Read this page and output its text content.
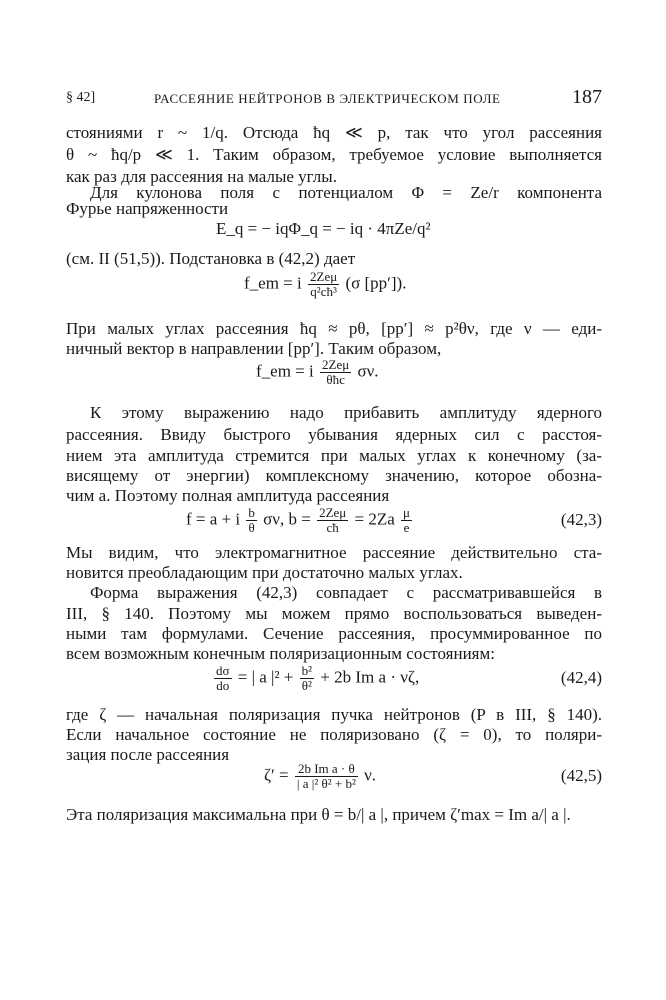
§ 42]	РАССЕЯНИЕ НЕЙТРОНОВ В ЭЛЕКТРИЧЕСКОМ ПОЛЕ	187
стояниями r ~ 1/q. Отсюда ħq ≪ p, так что угол рассеяния
θ ~ ħq/p ≪ 1. Таким образом, требуемое условие выполняется
как раз для рассеяния на малые углы.
Для кулонова поля с потенциалом Φ = Ze/r компонента
Фурье напряженности
E_q = − iqΦ_q = − iq · 4πZe/q²
(см. II (51,5)). Подстановка в (42,2) дает
f_em = i $\frac{\text{2Zeμ}}{\text{q²cħ³}} (\sigma$ [pp′]).
При малых углах рассеяния ħq ≈ pθ, [pp′] ≈ p²θν, где ν — еди-
ничный вектор в направлении [pp′]. Таким образом,
f_em = i $\frac{\text{2Zeμ}}{\text{θħc}} \sigma\nu$.
К этому выражению надо прибавить амплитуду ядерного
рассеяния. Ввиду быстрого убывания ядерных сил с расстоя-
нием эта амплитуда стремится при малых углах к конечному (за-
висящему от энергии) комплексному значению, которое обозна-
чим a. Поэтому полная амплитуда рассеяния
f = a + i $\frac{b}{\theta} \sigma\nu$, $b = \frac{\text{2Zeμ}}{cħ} = 2Za \frac{\mu}{e}$	(42,3)
Мы видим, что электромагнитное рассеяние действительно ста-
новится преобладающим при достаточно малых углах.
Форма выражения (42,3) совпадает с рассматривавшейся в
III, § 140. Поэтому мы можем прямо воспользоваться выведен-
ными там формулами. Сечение рассеяния, просуммированное по
всем возможным конечным поляризационным состояниям:
$\frac{d\sigma}{do}$ = | a $|^2 + \frac{\text{b²}}{\text{θ²}} + 2b$ Im a · νζ,	(42,4)
где ζ — начальная поляризация пучка нейтронов (P в III, § 140).
Если начальное состояние не поляризовано (ζ = 0), то поляри-
зация после рассеяния
$\zeta' = \frac{\text{2b Im a · θ}}{\text{| a |² θ² + b²}} \nu$.	(42,5)
Эта поляризация максимальна при θ = b/| a |, причем ζ′max = Im a/| a |.
